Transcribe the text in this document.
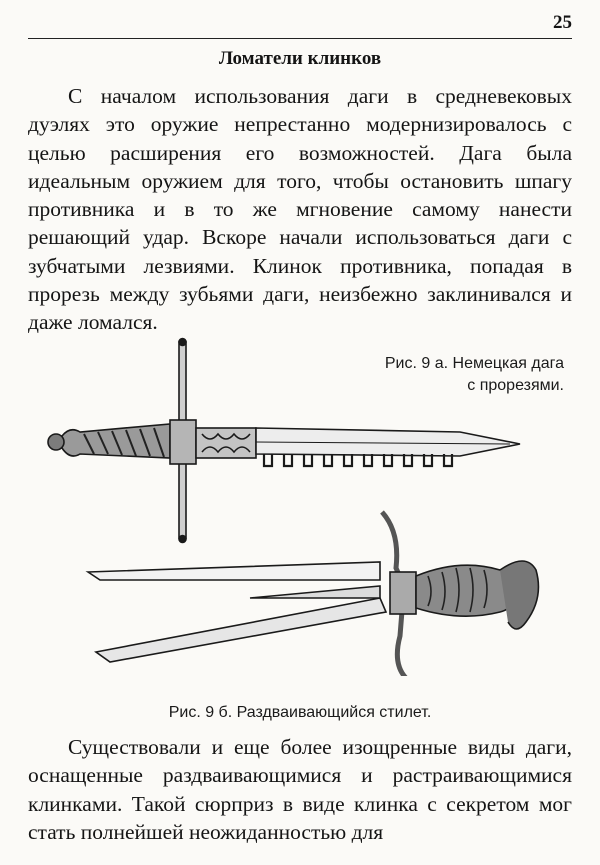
25
Ломатели клинков

С началом использования даги в средневековых дуэлях это оружие непрестанно модернизировалось с целью расширения его возможностей. Дага была идеальным оружием для того, чтобы остановить шпагу противника и в то же мгновение самому нанести решающий удар. Вскоре начали использоваться даги с зубчатыми лезвиями. Клинок противника, попадая в прорезь между зубьями даги, неизбежно заклинивался и даже ломался.

Рис. 9 а. Немецкая дага
с прорезями.
Рис. 9 б. Раздваивающийся стилет.

Существовали и еще более изощренные виды даги, оснащенные раздваивающимися и растраивающимися клинками. Такой сюрприз в виде клинка с секретом мог стать полнейшей неожиданностью для
